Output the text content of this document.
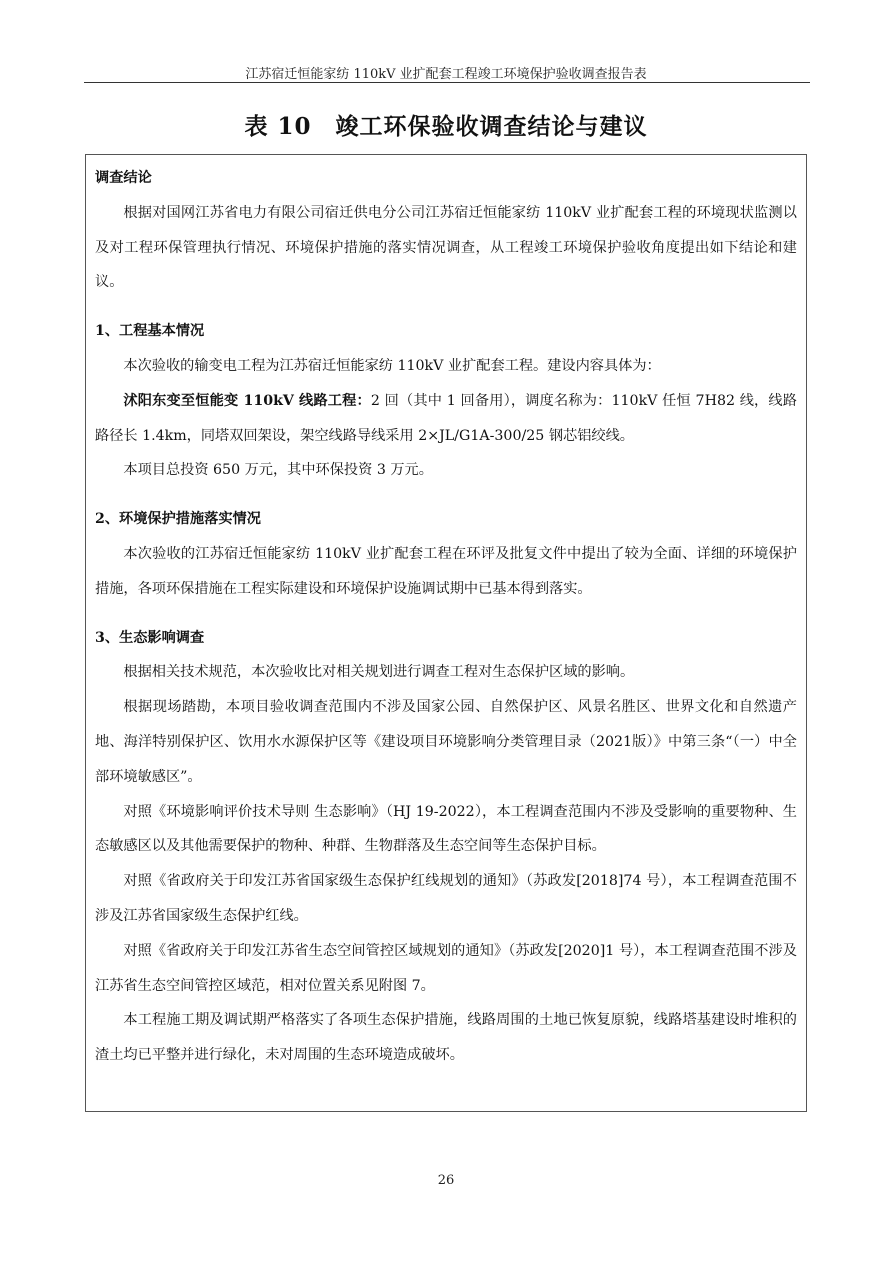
江苏宿迁恒能家纺 110kV 业扩配套工程竣工环境保护验收调查报告表
表 10　竣工环保验收调查结论与建议

调查结论

根据对国网江苏省电力有限公司宿迁供电分公司江苏宿迁恒能家纺 110kV 业扩配套工程的环境现状监测以及对工程环保管理执行情况、环境保护措施的落实情况调查，从工程竣工环境保护验收角度提出如下结论和建议。

1、工程基本情况

本次验收的输变电工程为江苏宿迁恒能家纺 110kV 业扩配套工程。建设内容具体为：

沭阳东变至恒能变 110kV 线路工程：2 回（其中 1 回备用），调度名称为：110kV 任恒 7H82 线，线路路径长 1.4km，同塔双回架设，架空线路导线采用 2×JL/G1A-300/25 钢芯铝绞线。

本项目总投资 650 万元，其中环保投资 3 万元。

2、环境保护措施落实情况

本次验收的江苏宿迁恒能家纺 110kV 业扩配套工程在环评及批复文件中提出了较为全面、详细的环境保护措施，各项环保措施在工程实际建设和环境保护设施调试期中已基本得到落实。

3、生态影响调查

根据相关技术规范，本次验收比对相关规划进行调查工程对生态保护区域的影响。

根据现场踏勘，本项目验收调查范围内不涉及国家公园、自然保护区、风景名胜区、世界文化和自然遗产地、海洋特别保护区、饮用水水源保护区等《建设项目环境影响分类管理目录（2021版）》中第三条“（一）中全部环境敏感区”。

对照《环境影响评价技术导则 生态影响》（HJ 19-2022），本工程调查范围内不涉及受影响的重要物种、生态敏感区以及其他需要保护的物种、种群、生物群落及生态空间等生态保护目标。

对照《省政府关于印发江苏省国家级生态保护红线规划的通知》（苏政发[2018]74 号），本工程调查范围不涉及江苏省国家级生态保护红线。

对照《省政府关于印发江苏省生态空间管控区域规划的通知》（苏政发[2020]1 号），本工程调查范围不涉及江苏省生态空间管控区域范，相对位置关系见附图 7。

本工程施工期及调试期严格落实了各项生态保护措施，线路周围的土地已恢复原貌，线路塔基建设时堆积的渣土均已平整并进行绿化，未对周围的生态环境造成破坏。

26
